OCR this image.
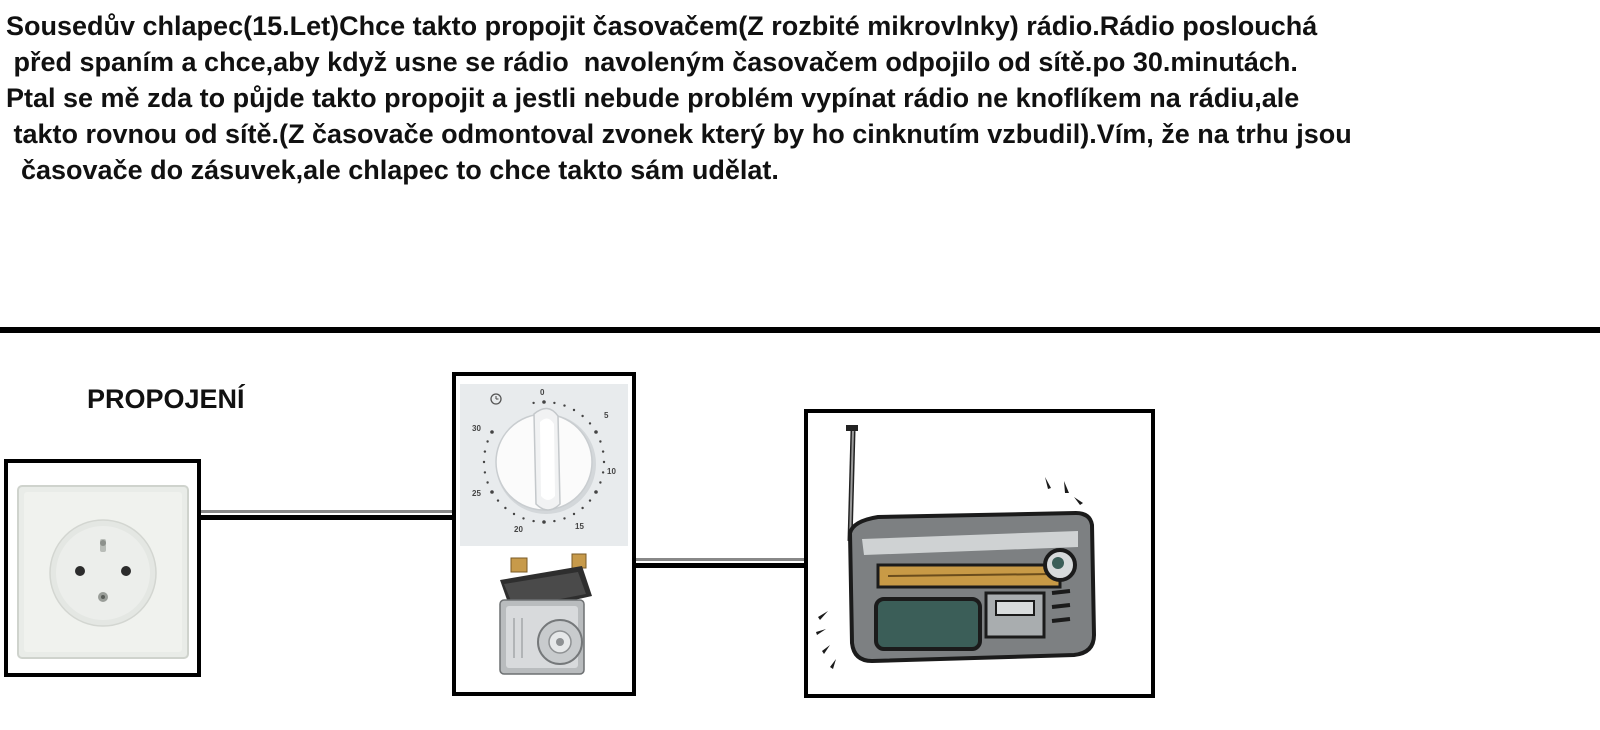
Sousedův chlapec(15.Let)Chce takto propojit časovačem(Z rozbité mikrovlnky) rádio.Rádio poslouchá
před spaním a chce,aby když usne se rádio  navoleným časovačem odpojilo od sítě.po 30.minutách.
Ptal se mě zda to půjde takto propojit a jestli nebude problém vypínat rádio ne knoflíkem na rádiu,ale
takto rovnou od sítě.(Z časovače odmontoval zvonek který by ho cinknutím vzbudil).Vím, že na trhu jsou
časovače do zásuvek,ale chlapec to chce takto sám udělat.
PROPOJENÍ	0
5
10
15
20
25
30
